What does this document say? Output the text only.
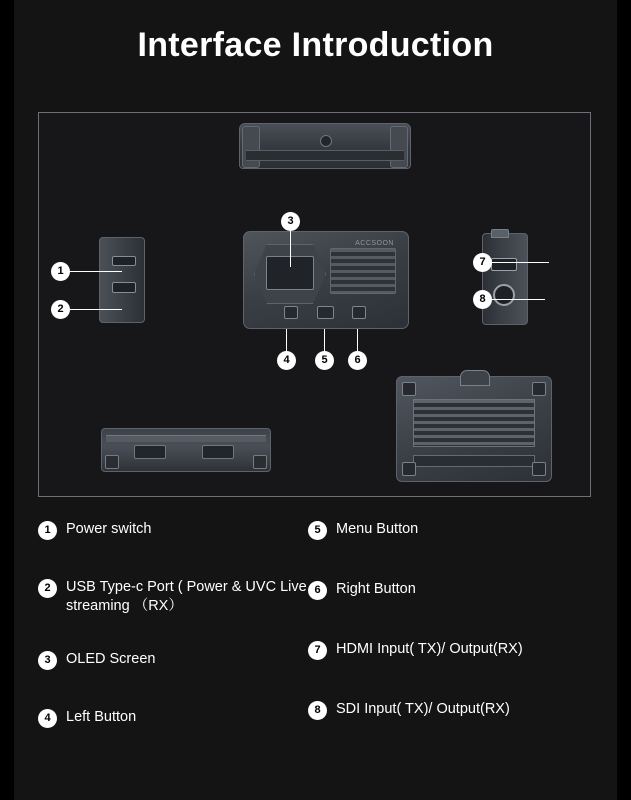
Interface Introduction
ACCSOON
1
2
3
4	5	6
7
8
1	Power switch
2	USB Type-c Port ( Power & UVC Live streaming （RX）
3	OLED Screen
4	Left Button
5	Menu Button
6	Right Button
7	HDMI Input( TX)/ Output(RX)
8	SDI Input( TX)/ Output(RX)
